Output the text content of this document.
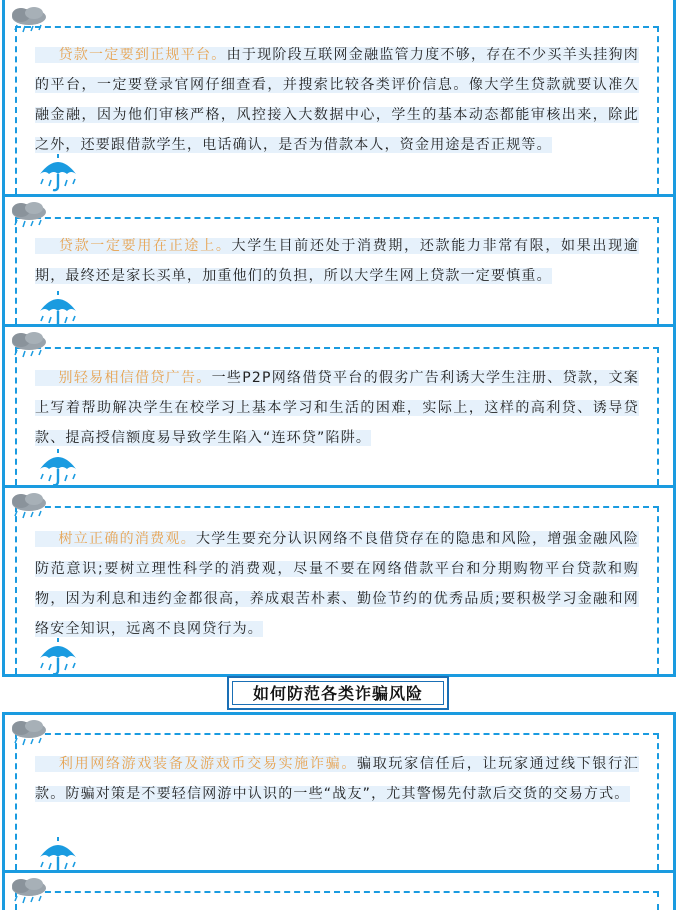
  贷款一定要到正规平台。由于现阶段互联网金融监管力度不够，存在不少买羊头挂狗肉的平台，一定要登录官网仔细查看，并搜索比较各类评价信息。像大学生贷款就要认准久融金融，因为他们审核严格，风控接入大数据中心，学生的基本动态都能审核出来，除此之外，还要跟借款学生，电话确认，是否为借款本人，资金用途是否正规等。
  贷款一定要用在正途上。大学生目前还处于消费期，还款能力非常有限，如果出现逾期，最终还是家长买单，加重他们的负担，所以大学生网上贷款一定要慎重。
  别轻易相信借贷广告。一些P2P网络借贷平台的假劣广告利诱大学生注册、贷款，文案上写着帮助解决学生在校学习上基本学习和生活的困难，实际上，这样的高利贷、诱导贷款、提高授信额度易导致学生陷入“连环贷”陷阱。
  树立正确的消费观。大学生要充分认识网络不良借贷存在的隐患和风险，增强金融风险防范意识;要树立理性科学的消费观，尽量不要在网络借款平台和分期购物平台贷款和购物，因为利息和违约金都很高，养成艰苦朴素、勤俭节约的优秀品质;要积极学习金融和网络安全知识，远离不良网贷行为。
如何防范各类诈骗风险
  利用网络游戏装备及游戏币交易实施诈骗。骗取玩家信任后，让玩家通过线下银行汇款。防骗对策是不要轻信网游中认识的一些“战友”，尤其警惕先付款后交货的交易方式。
